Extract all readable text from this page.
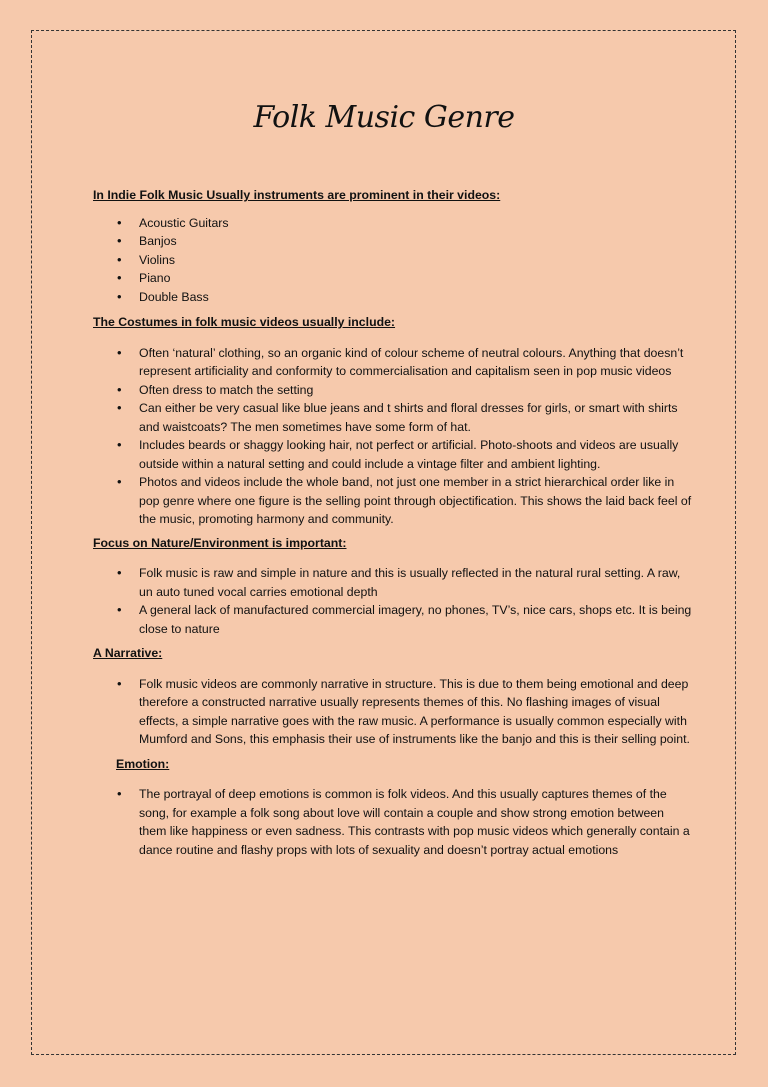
Folk Music Genre

In Indie Folk Music Usually instruments are prominent in their videos:

• Acoustic Guitars
• Banjos
• Violins
• Piano
• Double Bass

The Costumes in folk music videos usually include:

• Often ‘natural’ clothing, so an organic kind of colour scheme of neutral colours. Anything that doesn’t represent artificiality and conformity to commercialisation and capitalism seen in pop music videos
• Often dress to match the setting
• Can either be very casual like blue jeans and t shirts and floral dresses for girls, or smart with shirts and waistcoats? The men sometimes have some form of hat.
• Includes beards or shaggy looking hair, not perfect or artificial. Photo-shoots and videos are usually outside within a natural setting and could include a vintage filter and ambient lighting.
• Photos and videos include the whole band, not just one member in a strict hierarchical order like in pop genre where one figure is the selling point through objectification. This shows the laid back feel of the music, promoting harmony and community.

Focus on Nature/Environment is important:

• Folk music is raw and simple in nature and this is usually reflected in the natural rural setting. A raw, un auto tuned vocal carries emotional depth
• A general lack of manufactured commercial imagery, no phones, TV’s, nice cars, shops etc. It is being close to nature

A Narrative:

• Folk music videos are commonly narrative in structure. This is due to them being emotional and deep therefore a constructed narrative usually represents themes of this. No flashing images of visual effects, a simple narrative goes with the raw music. A performance is usually common especially with Mumford and Sons, this emphasis their use of instruments like the banjo and this is their selling point.

Emotion:

• The portrayal of deep emotions is common is folk videos. And this usually captures themes of the song, for example a folk song about love will contain a couple and show strong emotion between them like happiness or even sadness. This contrasts with pop music videos which generally contain a dance routine and flashy props with lots of sexuality and doesn’t portray actual emotions
